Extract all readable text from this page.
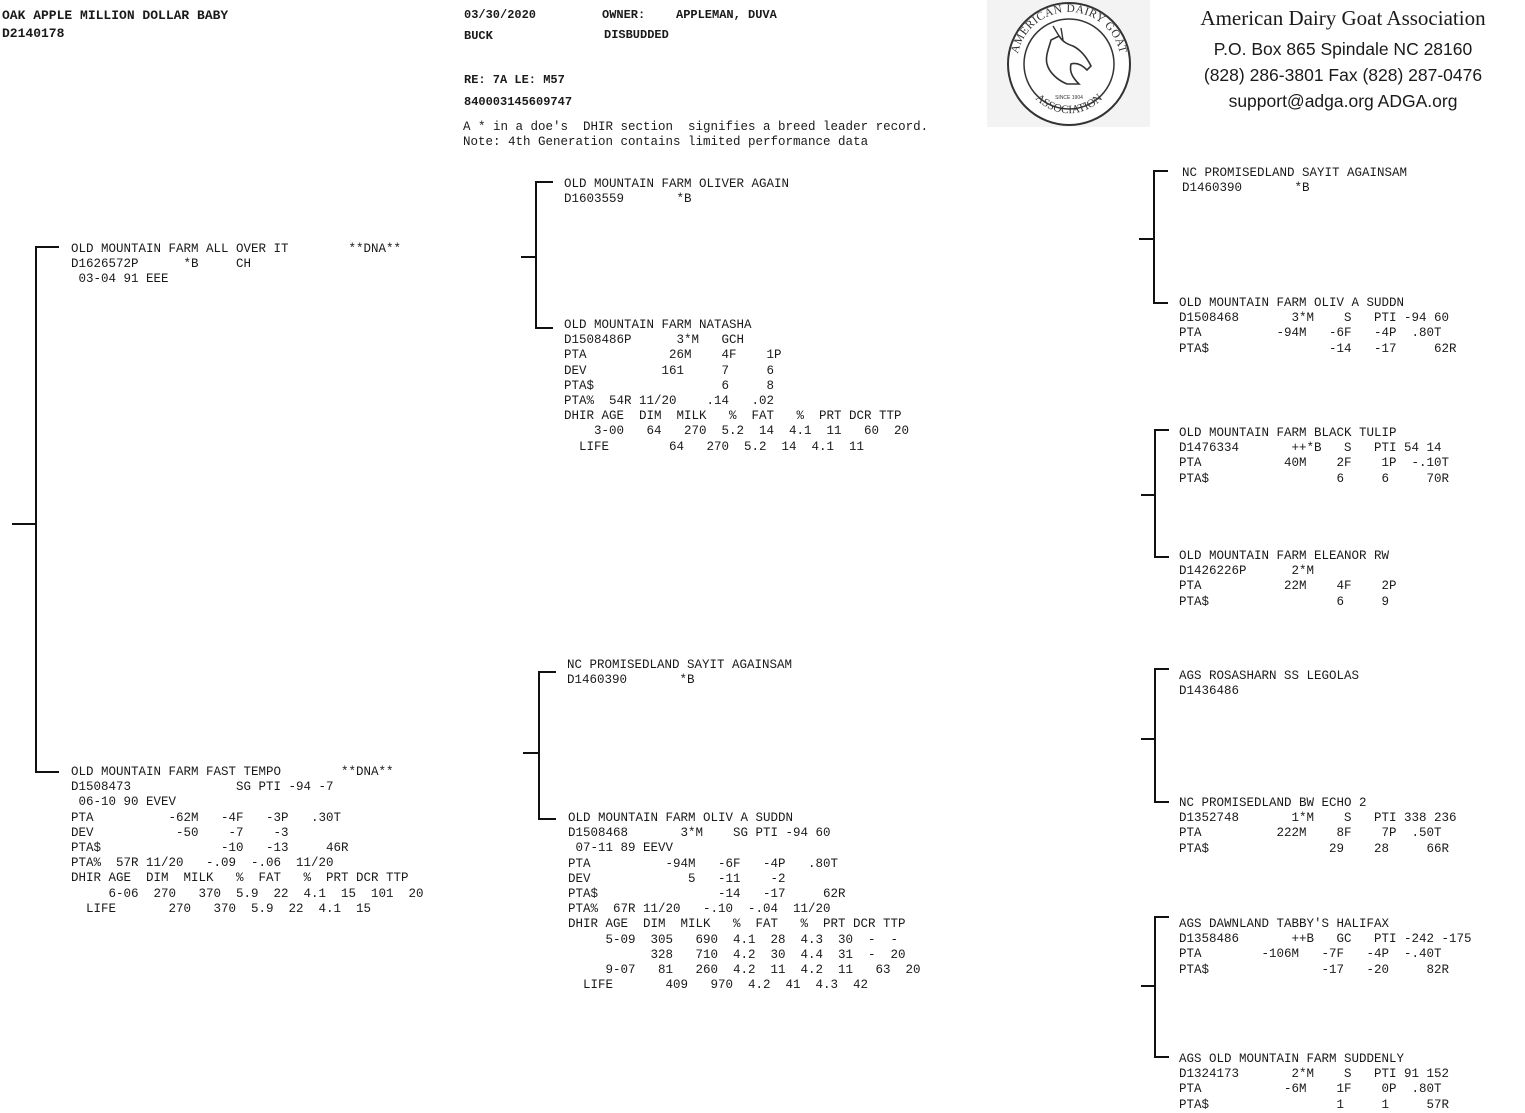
OAK APPLE MILLION DOLLAR BABY
D2140178
03/30/2020	OWNER:	APPLEMAN, DUVA
BUCK	DISBUDDED
RE: 7A LE: M57
840003145609747
A * in a doe's  DHIR section  signifies a breed leader record.
Note: 4th Generation contains limited performance data
AMERICAN DAIRY GOAT
ASSOCIATION
SINCE 1904
American Dairy Goat Association
P.O. Box 865 Spindale NC 28160
(828) 286-3801 Fax (828) 287-0476
support@adga.org ADGA.org
OLD MOUNTAIN FARM ALL OVER IT        **DNA**
D1626572P      *B     CH
03-04 91 EEE
OLD MOUNTAIN FARM FAST TEMPO        **DNA**
D1508473              SG PTI -94 -7
06-10 90 EVEV
PTA          -62M   -4F   -3P   .30T
DEV           -50    -7    -3
PTA$                -10   -13     46R
PTA%  57R 11/20   -.09  -.06  11/20
DHIR AGE  DIM  MILK   %  FAT   %  PRT DCR TTP
6-06  270   370  5.9  22  4.1  15  101  20
LIFE       270   370  5.9  22  4.1  15
OLD MOUNTAIN FARM OLIVER AGAIN
D1603559       *B
OLD MOUNTAIN FARM NATASHA
D1508486P      3*M   GCH
PTA           26M    4F    1P
DEV          161     7     6
PTA$                 6     8
PTA%  54R 11/20    .14   .02
DHIR AGE  DIM  MILK   %  FAT   %  PRT DCR TTP
3-00   64   270  5.2  14  4.1  11   60  20
LIFE        64   270  5.2  14  4.1  11
NC PROMISEDLAND SAYIT AGAINSAM
D1460390       *B
OLD MOUNTAIN FARM OLIV A SUDDN
D1508468       3*M    SG PTI -94 60
07-11 89 EEVV
PTA          -94M   -6F   -4P   .80T
DEV             5   -11    -2
PTA$                -14   -17     62R
PTA%  67R 11/20   -.10  -.04  11/20
DHIR AGE  DIM  MILK   %  FAT   %  PRT DCR TTP
5-09  305   690  4.1  28  4.3  30  -  -
328   710  4.2  30  4.4  31  -  20
9-07   81   260  4.2  11  4.2  11   63  20
LIFE       409   970  4.2  41  4.3  42
NC PROMISEDLAND SAYIT AGAINSAM
D1460390       *B
OLD MOUNTAIN FARM OLIV A SUDDN
D1508468       3*M    S   PTI -94 60
PTA          -94M   -6F   -4P  .80T
PTA$                -14   -17     62R
OLD MOUNTAIN FARM BLACK TULIP
D1476334       ++*B   S   PTI 54 14
PTA           40M    2F    1P  -.10T
PTA$                 6     6     70R
OLD MOUNTAIN FARM ELEANOR RW
D1426226P      2*M
PTA           22M    4F    2P
PTA$                 6     9
AGS ROSASHARN SS LEGOLAS
D1436486
NC PROMISEDLAND BW ECHO 2
D1352748       1*M    S   PTI 338 236
PTA          222M    8F    7P  .50T
PTA$                29    28     66R
AGS DAWNLAND TABBY'S HALIFAX
D1358486       ++B   GC   PTI -242 -175
PTA        -106M   -7F   -4P  -.40T
PTA$               -17   -20     82R
AGS OLD MOUNTAIN FARM SUDDENLY
D1324173       2*M    S   PTI 91 152
PTA           -6M    1F    0P  .80T
PTA$                 1     1     57R
